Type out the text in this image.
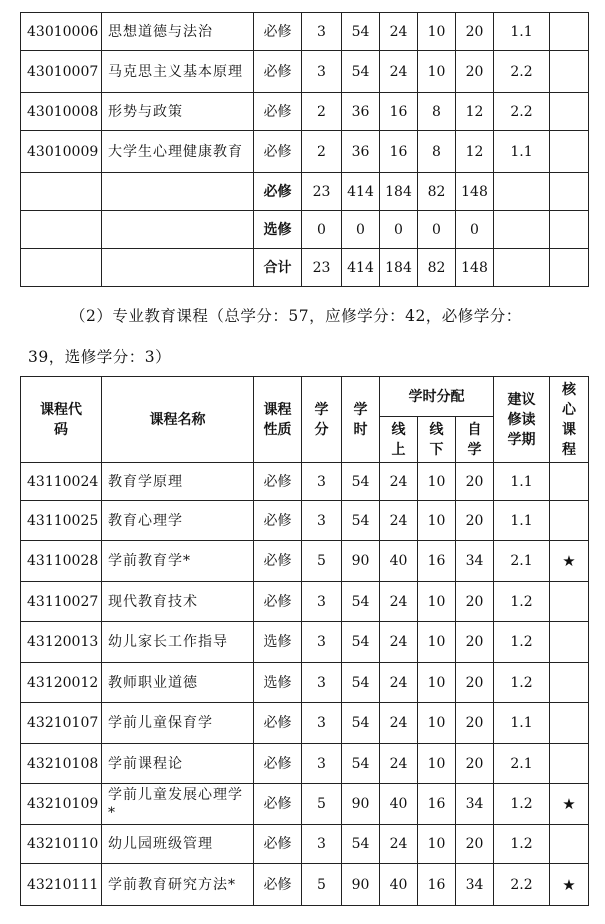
43010006	思想道德与法治	必修	3	54	24	10	20	1.1	
43010007	马克思主义基本原理	必修	3	54	24	10	20	2.2	
43010008	形势与政策	必修	2	36	16	8	12	2.2	
43010009	大学生心理健康教育	必修	2	36	16	8	12	1.1	
		必修	23	414	184	82	148		
		选修	0	0	0	0	0		
		合计	23	414	184	82	148		
（2）专业教育课程（总学分：57，应修学分：42，必修学分：
39，选修学分：3）
课程代码	课程名称	课程性质	学分	学时	学时分配			建议修读学期	核心课程
					线上	线下	自学		
43110024	教育学原理	必修	3	54	24	10	20	1.1	
43110025	教育心理学	必修	3	54	24	10	20	1.1	
43110028	学前教育学*	必修	5	90	40	16	34	2.1	★
43110027	现代教育技术	必修	3	54	24	10	20	1.2	
43120013	幼儿家长工作指导	选修	3	54	24	10	20	1.2	
43120012	教师职业道德	选修	3	54	24	10	20	1.2	
43210107	学前儿童保育学	必修	3	54	24	10	20	1.1	
43210108	学前课程论	必修	3	54	24	10	20	2.1	
43210109	学前儿童发展心理学*	必修	5	90	40	16	34	1.2	★
43210110	幼儿园班级管理	必修	3	54	24	10	20	1.2	
43210111	学前教育研究方法*	必修	5	90	40	16	34	2.2	★
